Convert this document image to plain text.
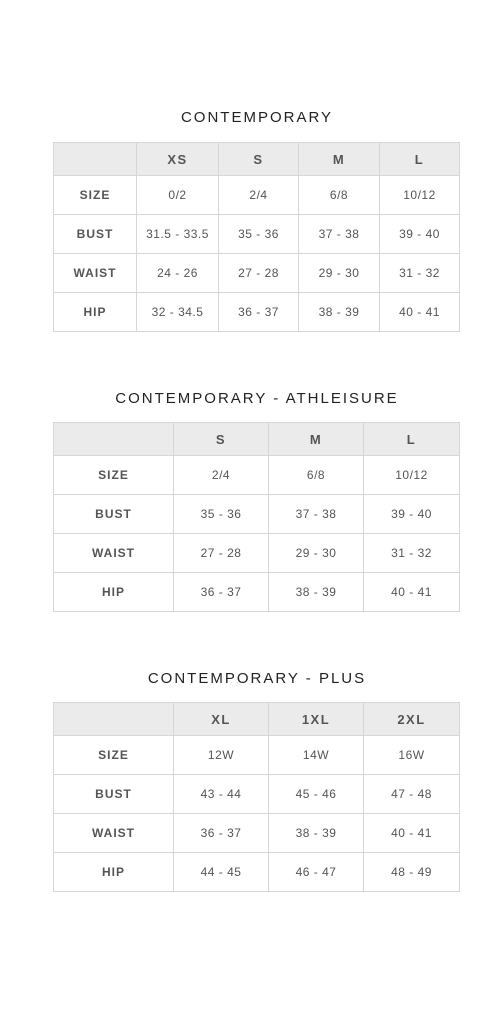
CONTEMPORARY
	XS	S	M	L
SIZE	0/2	2/4	6/8	10/12
BUST	31.5 - 33.5	35 - 36	37 - 38	39 - 40
WAIST	24 - 26	27 - 28	29 - 30	31 - 32
HIP	32 - 34.5	36 - 37	38 - 39	40 - 41
CONTEMPORARY - ATHLEISURE
	S	M	L
SIZE	2/4	6/8	10/12
BUST	35 - 36	37 - 38	39 - 40
WAIST	27 - 28	29 - 30	31 - 32
HIP	36 - 37	38 - 39	40 - 41
CONTEMPORARY - PLUS
	XL	1XL	2XL
SIZE	12W	14W	16W
BUST	43 - 44	45 - 46	47 - 48
WAIST	36 - 37	38 - 39	40 - 41
HIP	44 - 45	46 - 47	48 - 49
